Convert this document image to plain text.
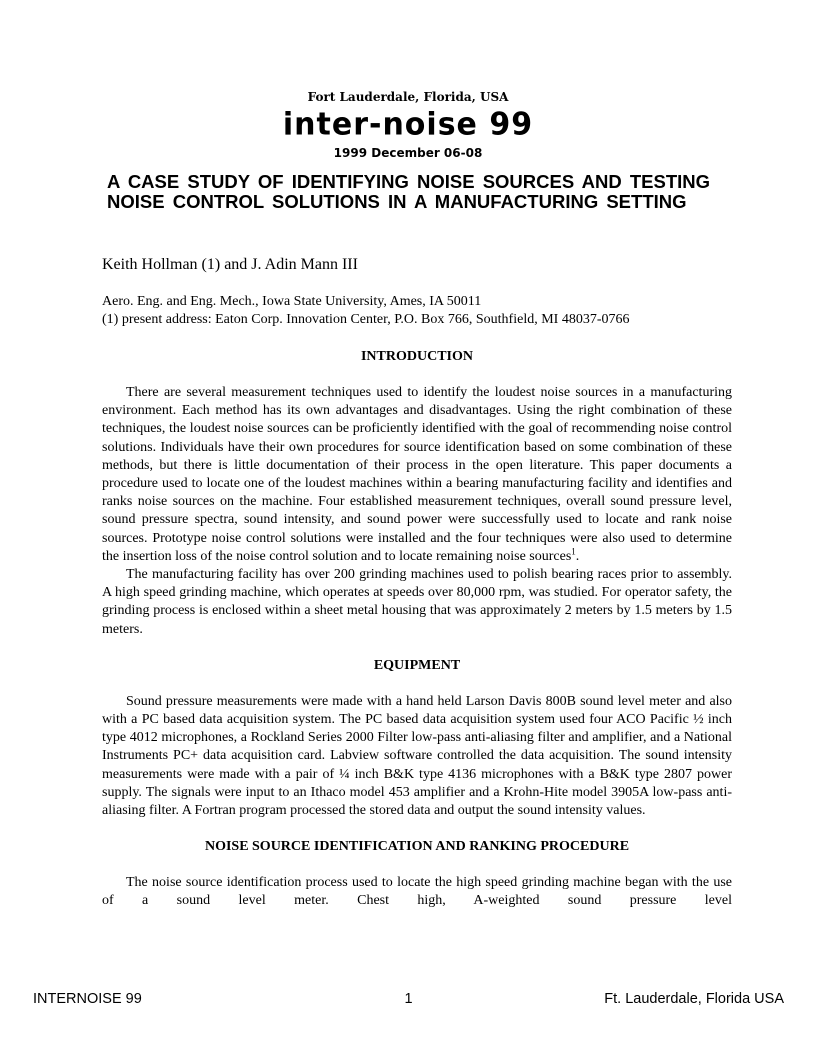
Fort Lauderdale, Florida, USA
inter-noise 99
1999 December 06-08
A CASE STUDY OF IDENTIFYING NOISE SOURCES AND TESTING NOISE CONTROL SOLUTIONS IN A MANUFACTURING SETTING
Keith Hollman (1) and J. Adin Mann III
Aero. Eng. and Eng. Mech., Iowa State University, Ames, IA 50011
(1) present address: Eaton Corp. Innovation Center, P.O. Box 766, Southfield, MI 48037-0766
INTRODUCTION

There are several measurement techniques used to identify the loudest noise sources in a manufacturing environment. Each method has its own advantages and disadvantages. Using the right combination of these techniques, the loudest noise sources can be proficiently identified with the goal of recommending noise control solutions. Individuals have their own procedures for source identification based on some combination of these methods, but there is little documentation of their process in the open literature. This paper documents a procedure used to locate one of the loudest machines within a bearing manufacturing facility and identifies and ranks noise sources on the machine. Four established measurement techniques, overall sound pressure level, sound pressure spectra, sound intensity, and sound power were successfully used to locate and rank noise sources. Prototype noise control solutions were installed and the four techniques were also used to determine the insertion loss of the noise control solution and to locate remaining noise sources$^1$.

The manufacturing facility has over 200 grinding machines used to polish bearing races prior to assembly. A high speed grinding machine, which operates at speeds over 80,000 rpm, was studied. For operator safety, the grinding process is enclosed within a sheet metal housing that was approximately 2 meters by 1.5 meters by 1.5 meters.

EQUIPMENT

Sound pressure measurements were made with a hand held Larson Davis 800B sound level meter and also with a PC based data acquisition system. The PC based data acquisition system used four ACO Pacific ½ inch type 4012 microphones, a Rockland Series 2000 Filter low-pass anti-aliasing filter and amplifier, and a National Instruments PC+ data acquisition card. Labview software controlled the data acquisition. The sound intensity measurements were made with a pair of ¼ inch B&K type 4136 microphones with a B&K type 2807 power supply. The signals were input to an Ithaco model 453 amplifier and a Krohn-Hite model 3905A low-pass anti-aliasing filter. A Fortran program processed the stored data and output the sound intensity values.

NOISE SOURCE IDENTIFICATION AND RANKING PROCEDURE

The noise source identification process used to locate the high speed grinding machine began with the use of a sound level meter. Chest high, A-weighted sound pressure level

INTERNOISE 99	1	Ft. Lauderdale, Florida USA
